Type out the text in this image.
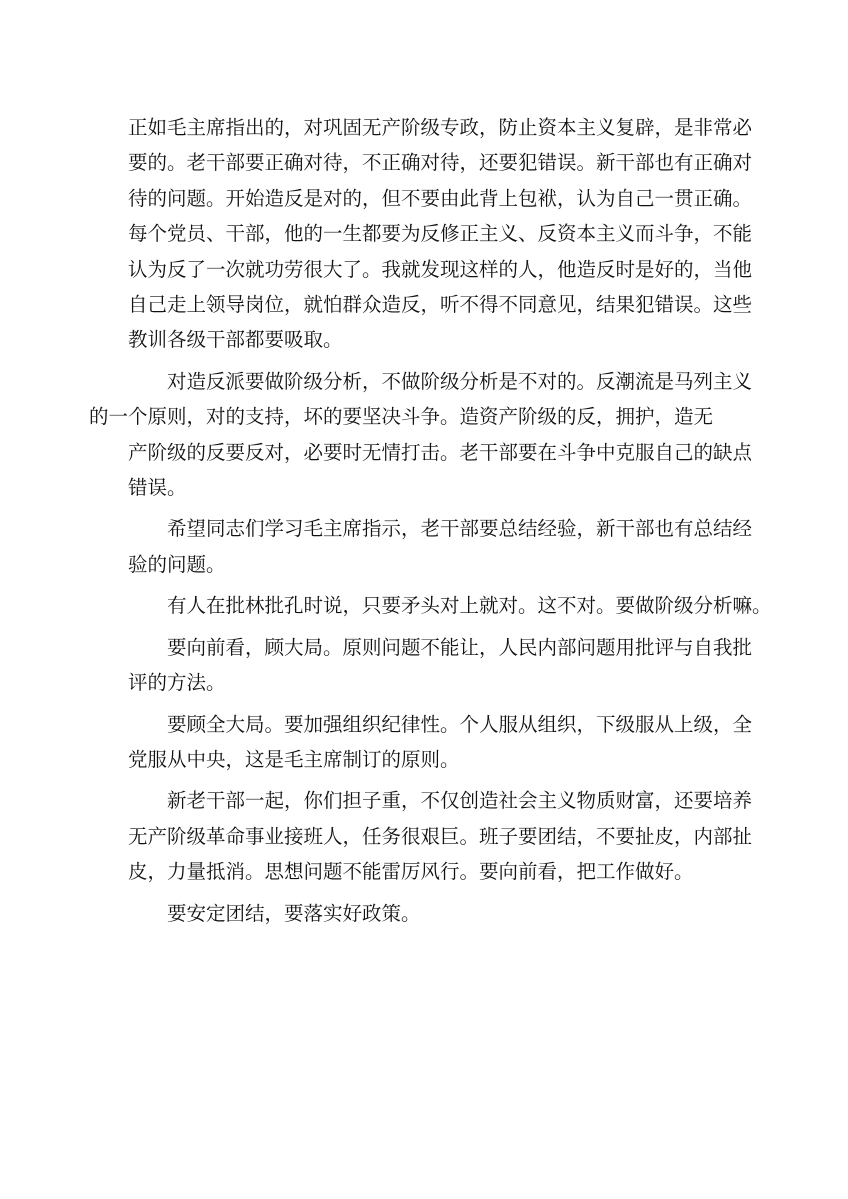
正如毛主席指出的，对巩固无产阶级专政，防止资本主义复辟，是非常必
要的。老干部要正确对待，不正确对待，还要犯错误。新干部也有正确对
待的问题。开始造反是对的，但不要由此背上包袱，认为自己一贯正确。
每个党员、干部，他的一生都要为反修正主义、反资本主义而斗争，不能
认为反了一次就功劳很大了。我就发现这样的人，他造反时是好的，当他
自己走上领导岗位，就怕群众造反，听不得不同意见，结果犯错误。这些
教训各级干部都要吸取。
对造反派要做阶级分析，不做阶级分析是不对的。反潮流是马列主义
的一个原则，对的支持，坏的要坚决斗争。造资产阶级的反，拥护，造无
产阶级的反要反对，必要时无情打击。老干部要在斗争中克服自己的缺点
错误。
希望同志们学习毛主席指示，老干部要总结经验，新干部也有总结经
验的问题。
有人在批林批孔时说，只要矛头对上就对。这不对。要做阶级分析嘛。
要向前看，顾大局。原则问题不能让，人民内部问题用批评与自我批
评的方法。
要顾全大局。要加强组织纪律性。个人服从组织，下级服从上级，全
党服从中央，这是毛主席制订的原则。
新老干部一起，你们担子重，不仅创造社会主义物质财富，还要培养
无产阶级革命事业接班人，任务很艰巨。班子要团结，不要扯皮，内部扯
皮，力量抵消。思想问题不能雷厉风行。要向前看，把工作做好。
要安定团结，要落实好政策。
